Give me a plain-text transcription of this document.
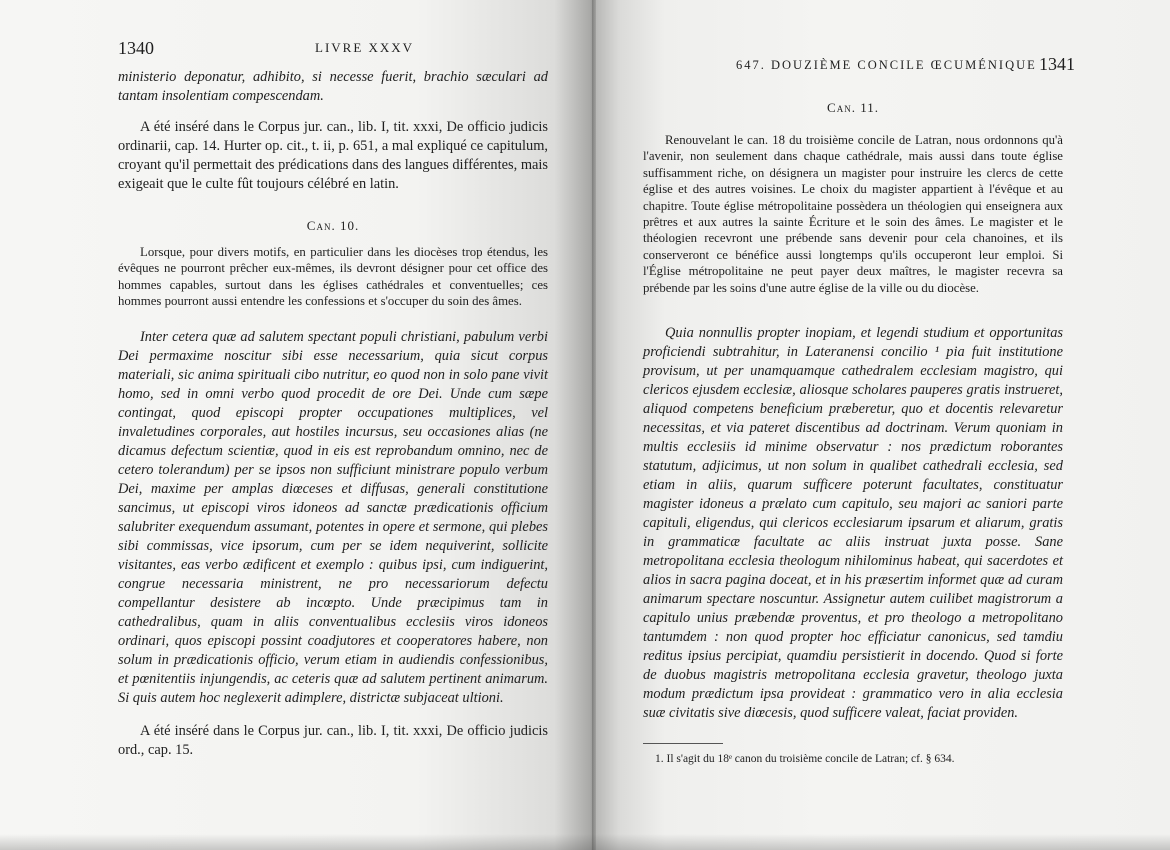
1340	LIVRE XXXV

ministerio deponatur, adhibito, si necesse fuerit, brachio sæculari ad tantam insolentiam compescendam.

A été inséré dans le Corpus jur. can., lib. I, tit. xxxi, De officio judicis ordinarii, cap. 14. Hurter op. cit., t. ii, p. 651, a mal expliqué ce capitulum, croyant qu'il permettait des prédications dans des langues différentes, mais exigeait que le culte fût toujours célébré en latin.

Can. 10.

Lorsque, pour divers motifs, en particulier dans les diocèses trop étendus, les évêques ne pourront prêcher eux-mêmes, ils devront désigner pour cet office des hommes capables, surtout dans les églises cathédrales et conventuelles; ces hommes pourront aussi entendre les confessions et s'occuper du soin des âmes.

Inter cetera quæ ad salutem spectant populi christiani, pabulum verbi Dei permaxime noscitur sibi esse necessarium, quia sicut corpus materiali, sic anima spirituali cibo nutritur, eo quod non in solo pane vivit homo, sed in omni verbo quod procedit de ore Dei. Unde cum sæpe contingat, quod episcopi propter occupationes multiplices, vel invaletudines corporales, aut hostiles incursus, seu occasiones alias (ne dicamus defectum scientiæ, quod in eis est reprobandum omnino, nec de cetero tolerandum) per se ipsos non sufficiunt ministrare populo verbum Dei, maxime per amplas diœceses et diffusas, generali constitutione sancimus, ut episcopi viros idoneos ad sanctæ prædicationis officium salubriter exequendum assumant, potentes in opere et sermone, qui plebes sibi commissas, vice ipsorum, cum per se idem nequiverint, sollicite visitantes, eas verbo ædificent et exemplo : quibus ipsi, cum indiguerint, congrue necessaria ministrent, ne pro necessariorum defectu compellantur desistere ab incœpto. Unde præcipimus tam in cathedralibus, quam in aliis conventualibus ecclesiis viros idoneos ordinari, quos episcopi possint coadjutores et cooperatores habere, non solum in prædicationis officio, verum etiam in audiendis confessionibus, et pœnitentiis injungendis, ac ceteris quæ ad salutem pertinent animarum. Si quis autem hoc neglexerit adimplere, districtæ subjaceat ultioni.

A été inséré dans le Corpus jur. can., lib. I, tit. xxxi, De officio judicis ord., cap. 15.

647. DOUZIÈME CONCILE ŒCUMÉNIQUE 1341

Can. 11.

Renouvelant le can. 18 du troisième concile de Latran, nous ordonnons qu'à l'avenir, non seulement dans chaque cathédrale, mais aussi dans toute église suffisamment riche, on désignera un magister pour instruire les clercs de cette église et des autres voisines. Le choix du magister appartient à l'évêque et au chapitre. Toute église métropolitaine possèdera un théologien qui enseignera aux prêtres et aux autres la sainte Écriture et le soin des âmes. Le magister et le théologien recevront une prébende sans devenir pour cela chanoines, et ils conserveront ce bénéfice aussi longtemps qu'ils occuperont leur emploi. Si l'Église métropolitaine ne peut payer deux maîtres, le magister recevra sa prébende par les soins d'une autre église de la ville ou du diocèse.

Quia nonnullis propter inopiam, et legendi studium et opportunitas proficiendi subtrahitur, in Lateranensi concilio ¹ pia fuit institutione provisum, ut per unamquamque cathedralem ecclesiam magistro, qui clericos ejusdem ecclesiæ, aliosque scholares pauperes gratis instrueret, aliquod competens beneficium præberetur, quo et docentis relevaretur necessitas, et via pateret discentibus ad doctrinam. Verum quoniam in multis ecclesiis id minime observatur : nos prædictum roborantes statutum, adjicimus, ut non solum in qualibet cathedrali ecclesia, sed etiam in aliis, quarum sufficere poterunt facultates, constituatur magister idoneus a prælato cum capitulo, seu majori ac saniori parte capituli, eligendus, qui clericos ecclesiarum ipsarum et aliarum, gratis in grammaticæ facultate ac aliis instruat juxta posse. Sane metropolitana ecclesia theologum nihilominus habeat, qui sacerdotes et alios in sacra pagina doceat, et in his præsertim informet quæ ad curam animarum spectare noscuntur. Assignetur autem cuilibet magistrorum a capitulo unius præbendæ proventus, et pro theologo a metropolitano tantumdem : non quod propter hoc efficiatur canonicus, sed tamdiu reditus ipsius percipiat, quamdiu persistierit in docendo. Quod si forte de duobus magistris metropolitana ecclesia gravetur, theologo juxta modum prædictum ipsa provideat : grammatico vero in alia ecclesia suæ civitatis sive diœcesis, quod sufficere valeat, faciat providen.

1. Il s'agit du 18ᵉ canon du troisième concile de Latran; cf. § 634.
